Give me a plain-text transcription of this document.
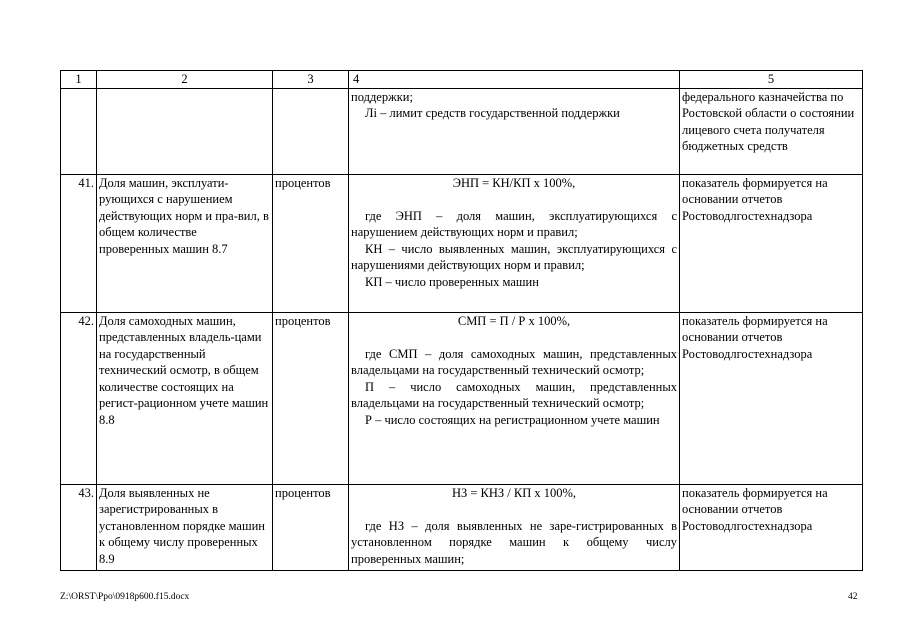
1	2	3	4	5

			поддержки;
Лi – лимит средств государственной поддержки	федерального казначейства по Ростовской области о состоянии лицевого счета получателя бюджетных средств
41.	Доля машин, эксплуати-рующихся с нарушением действующих норм и пра-вил, в общем количестве проверенных машин 8.7	процентов	ЭНП = КН/КП х 100%,
где ЭНП – доля машин, эксплуатирующихся с нарушением действующих норм и правил;
КН – число выявленных машин, эксплуатирующихся с нарушениями действующих норм и правил;
КП – число проверенных машин	показатель формируется на основании отчетов Ростоводлгостехнадзора
42.	Доля самоходных машин, представленных владель-цами на государственный технический осмотр, в общем количестве состоящих на регист-рационном учете машин 8.8	процентов	СМП = П / Р х 100%,
где СМП – доля самоходных машин, представленных владельцами на государственный технический осмотр;
П – число самоходных машин, представленных владельцами на государственный технический осмотр;
Р – число состоящих на регистрационном учете машин	показатель формируется на основании отчетов Ростоводлгостехнадзора
43.	Доля выявленных не зарегистрированных в установленном порядке машин к общему числу проверенных 8.9	процентов	НЗ = КНЗ / КП х 100%,
где НЗ – доля выявленных не заре-гистрированных в установленном порядке машин к общему числу проверенных машин;	показатель формируется на основании отчетов Ростоводлгостехнадзора
Z:\ORST\Ppo\0918p600.f15.docx	42
